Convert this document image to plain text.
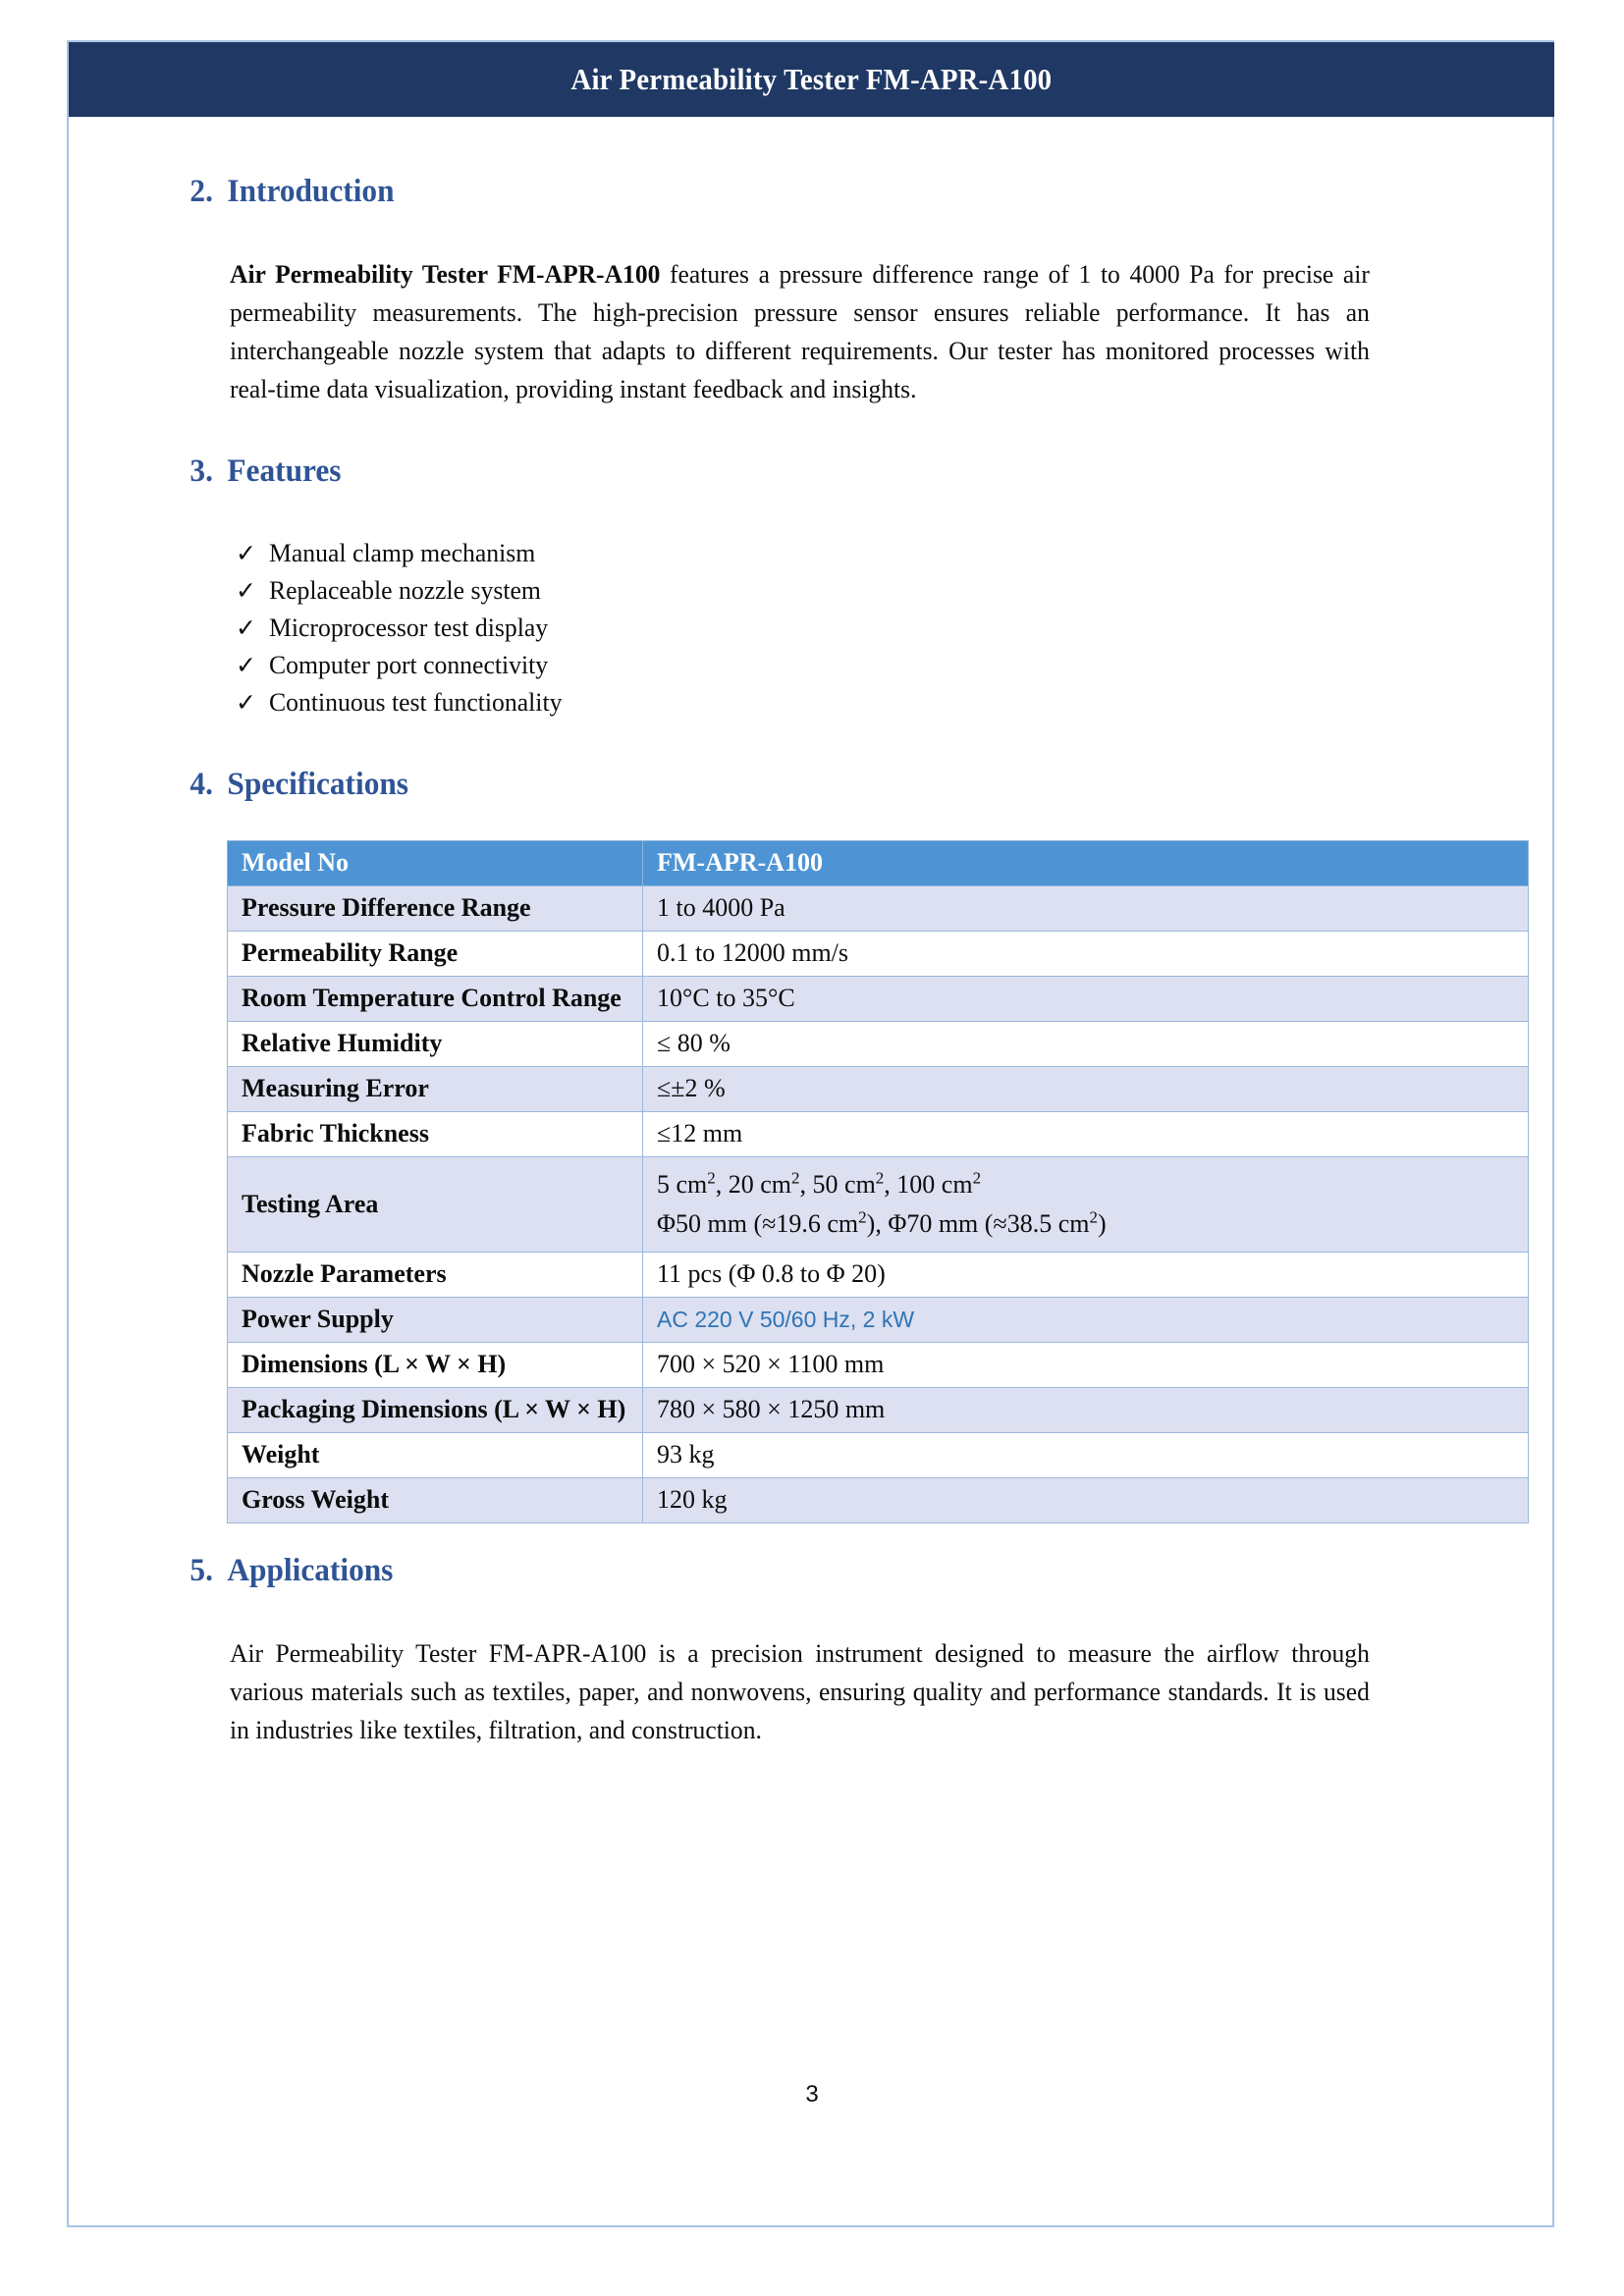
Air Permeability Tester FM-APR-A100
2. Introduction

Air Permeability Tester FM-APR-A100 features a pressure difference range of 1 to 4000 Pa for precise air permeability measurements. The high-precision pressure sensor ensures reliable performance. It has an interchangeable nozzle system that adapts to different requirements. Our tester has monitored processes with real-time data visualization, providing instant feedback and insights.

3. Features
✓ Manual clamp mechanism
✓ Replaceable nozzle system
✓ Microprocessor test display
✓ Computer port connectivity
✓ Continuous test functionality
4. Specifications
Model No	FM-APR-A100
Pressure Difference Range	1 to 4000 Pa
Permeability Range	0.1 to 12000 mm/s
Room Temperature Control Range	10°C to 35°C
Relative Humidity	≤ 80 %
Measuring Error	≤±2 %
Fabric Thickness	≤12 mm
Testing Area	5 $cm^2$, 20 $cm^2$, 50 $cm^2$, 100 $cm^2$
Φ50 mm (≈19.6 $cm^2$), Φ70 mm (≈38.5 $cm^2$)

Nozzle Parameters	11 pcs (Φ 0.8 to Φ 20)
Power Supply	AC 220 V 50/60 Hz, 2 kW
Dimensions (L × W × H)	700 × 520 × 1100 mm
Packaging Dimensions (L × W × H)	780 × 580 × 1250 mm
Weight	93 kg
Gross Weight	120 kg
5. Applications

Air Permeability Tester FM-APR-A100 is a precision instrument designed to measure the airflow through various materials such as textiles, paper, and nonwovens, ensuring quality and performance standards. It is used in industries like textiles, filtration, and construction.

3
